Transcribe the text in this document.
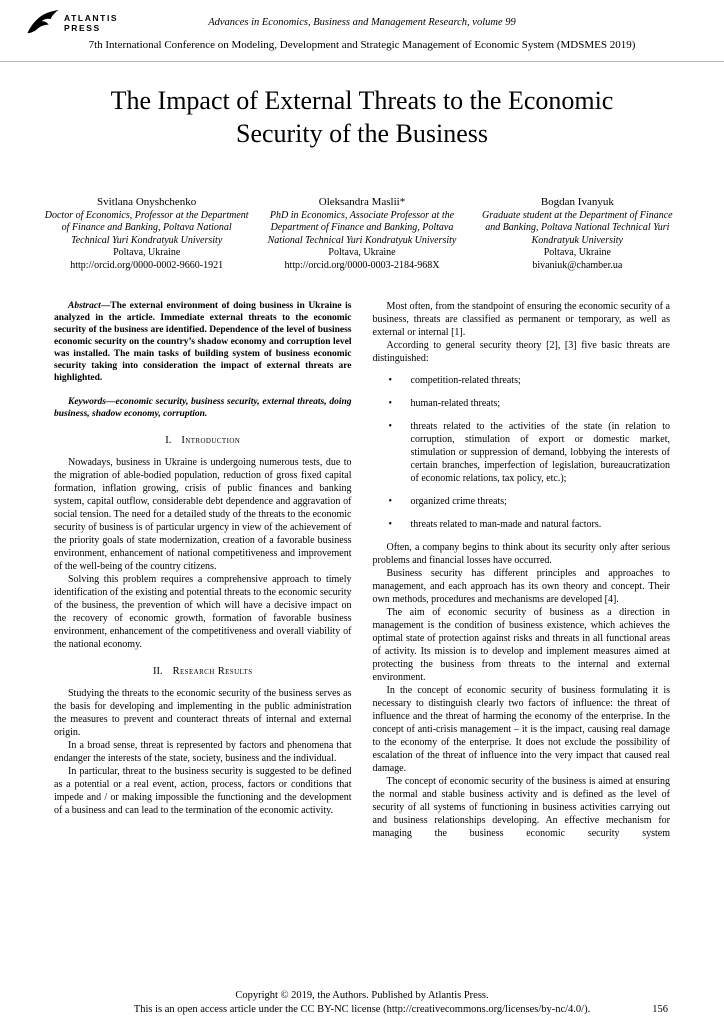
ATLANTIS
PRESS	Advances in Economics, Business and Management Research, volume 99
7th International Conference on Modeling, Development and Strategic Management of Economic System (MDSMES 2019)
The Impact of External Threats to the Economic Security of the Business
Svitlana Onyshchenko
Doctor of Economics, Professor at the Department of Finance and Banking, Poltava National Technical Yuri Kondratyuk University
Poltava, Ukraine
http://orcid.org/0000-0002-9660-1921
Oleksandra Maslii*
PhD in Economics, Associate Professor at the Department of Finance and Banking, Poltava National Technical Yuri Kondratyuk University
Poltava, Ukraine
http://orcid.org/0000-0003-2184-968X
Bogdan Ivanyuk
Graduate student at the Department of Finance and Banking, Poltava National Technical Yuri Kondratyuk University
Poltava, Ukraine
bivaniuk@chamber.ua

Abstract—The external environment of doing business in Ukraine is analyzed in the article. Immediate external threats to the economic security of the business are identified. Dependence of the level of business economic security on the country’s shadow economy and corruption level was installed. The main tasks of building system of business economic security taking into consideration the impact of external threats are highlighted.

Keywords—economic security, business security, external threats, doing business, shadow economy, corruption.

I. Introduction

Nowadays, business in Ukraine is undergoing numerous tests, due to the migration of able-bodied population, reduction of gross fixed capital formation, inflation growing, crisis of public finances and banking system, capital outflow, considerable debt dependence and aggravation of social tension. The need for a detailed study of the threats to the economic security of business is of particular urgency in view of the achievement of the priority goals of state modernization, creation of a favorable business environment, enhancement of national competitiveness and improvement of the well-being of the country citizens.

Solving this problem requires a comprehensive approach to timely identification of the existing and potential threats to the economic security of the business, the prevention of which will have a decisive impact on the recovery of economic growth, formation of favorable business environment, enhancement of the competitiveness and overall viability of the national economy.

II. Research Results

Studying the threats to the economic security of the business serves as the basis for developing and implementing in the public administration the measures to prevent and counteract threats of internal and external origin.

In a broad sense, threat is represented by factors and phenomena that endanger the interests of the state, society, business and the individual.

In particular, threat to the business security is suggested to be defined as a potential or a real event, action, process, factors or conditions that impede and / or making impossible the functioning and the development of a business and can lead to the termination of the economic activity.

Most often, from the standpoint of ensuring the economic security of a business, threats are classified as permanent or temporary, as well as external or internal [1].

According to general security theory [2], [3] five basic threats are distinguished:

•
competition-related threats;
•
human-related threats;
•
threats related to the activities of the state (in relation to corruption, stimulation of export or domestic market, stimulation or suppression of demand, lobbying the interests of certain branches, imperfection of legislation, bureaucratization of economic relations, tax policy, etc.);
•
organized crime threats;
•
threats related to man-made and natural factors.

Often, a company begins to think about its security only after serious problems and financial losses have occurred.

Business security has different principles and approaches to management, and each approach has its own theory and concept. Their own methods, procedures and mechanisms are developed [4].

The aim of economic security of business as a direction in management is the condition of business existence, which achieves the optimal state of protection against risks and threats in all functional areas of activity. Its mission is to develop and implement measures aimed at protecting the business from threats to the internal and external environment.

In the concept of economic security of business formulating it is necessary to distinguish clearly two factors of influence: the threat of influence and the threat of harming the economy of the enterprise. In the concept of anti-crisis management – it is the impact, causing real damage to the economy of the enterprise. It does not exclude the possibility of escalation of the threat of influence into the very impact that caused real damage.

The concept of economic security of the business is aimed at ensuring the normal and stable business activity and is defined as the level of security of all systems of functioning in business activities carrying out and business relationships developing. An effective mechanism for managing the business economic security system

Copyright © 2019, the Authors. Published by Atlantis Press.
This is an open access article under the CC BY-NC license (http://creativecommons.org/licenses/by-nc/4.0/).	156
